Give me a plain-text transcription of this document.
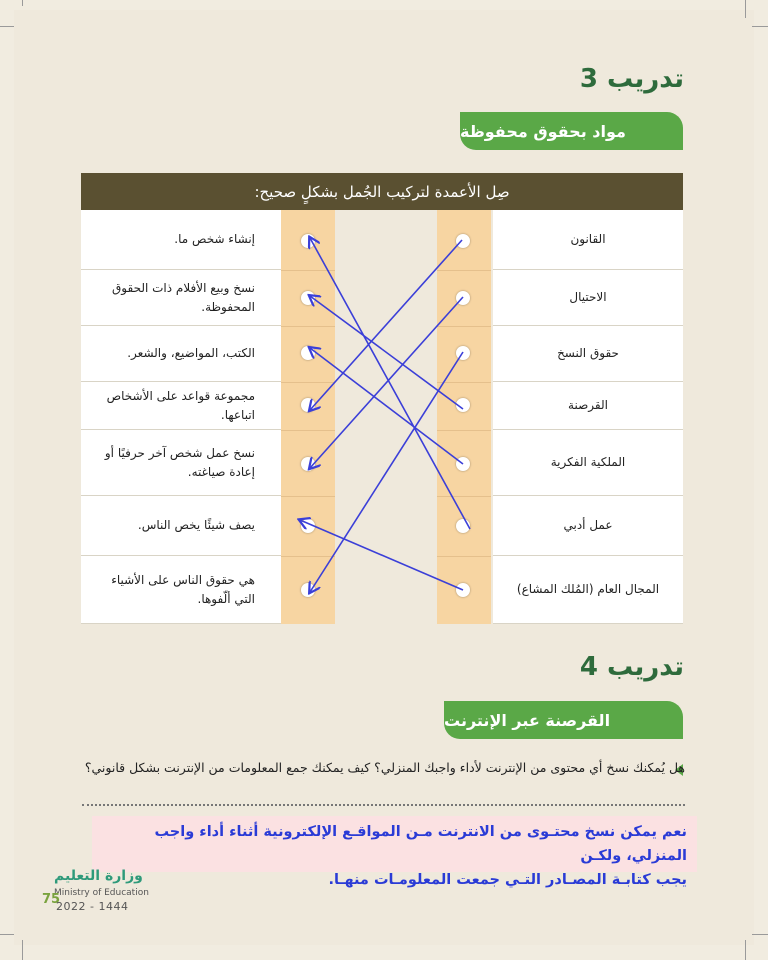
تدريب 3
مواد بحقوق محفوظة
صِل الأعمدة لتركيب الجُمل بشكلٍ صحيح:
إنشاء شخص ما.
نسخ وبيع الأفلام ذات الحقوق المحفوظة.
الكتب، المواضيع، والشعر.
مجموعة قواعد على الأشخاص اتباعها.
نسخ عمل شخص آخر حرفيًا أو إعادة صياغته.
يصف شيئًا يخص الناس.
هي حقوق الناس على الأشياء التي ألّفوها.
القانون
الاحتيال
حقوق النسخ
القرصنة
الملكية الفكرية
عمل أدبي
المجال العام (المُلك المشاع)
تدريب 4
القرصنة عبر الإنترنت
هل يُمكنك نسخ أي محتوى من الإنترنت لأداء واجبك المنزلي؟ كيف يمكنك جمع المعلومات من الإنترنت بشكل قانوني؟
نعم يمكن نسخ محتـوى من الانترنت مـن المواقـع الإلكترونية أثناء أداء واجب المنزلي، ولكـن
يجب كتابـة المصـادر التـي جمعت المعلومـات منهـا.
وزارة التعليم
Ministry of Education
75
2022 - 1444
